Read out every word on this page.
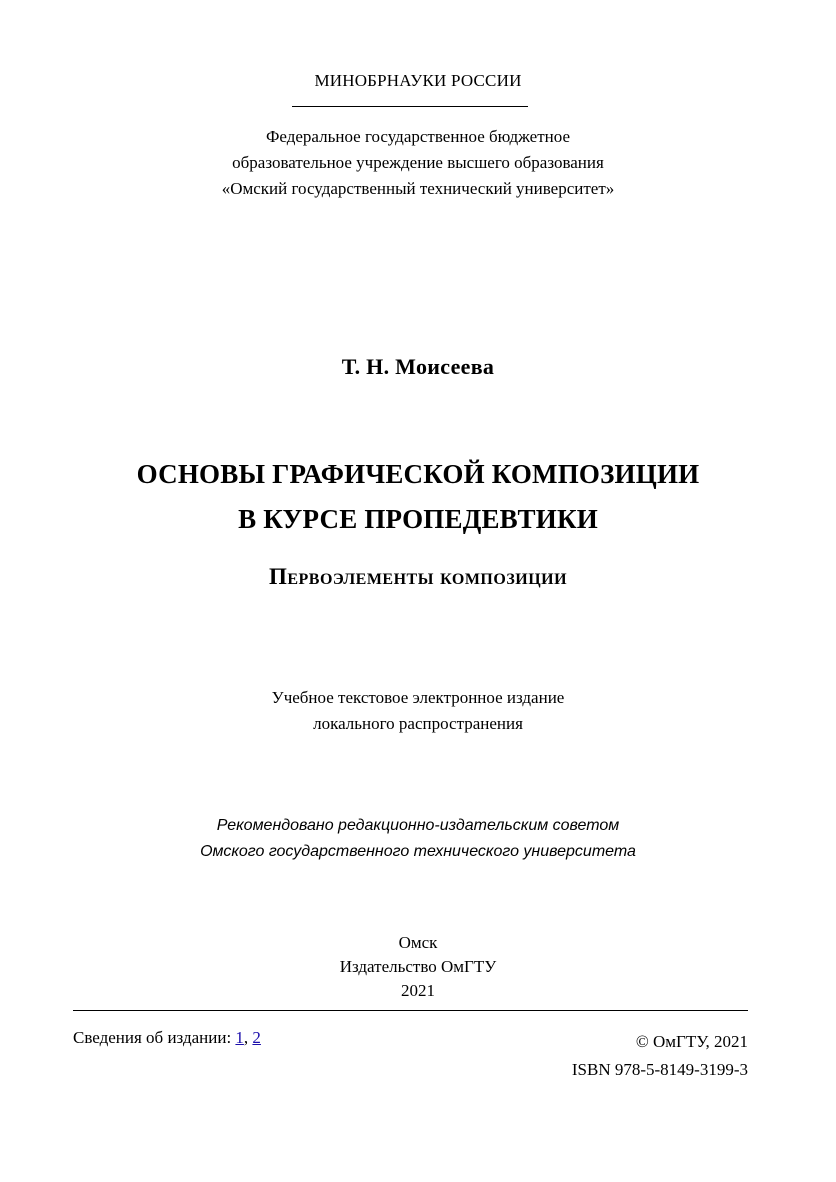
МИНОБРНАУКИ РОССИИ
Федеральное государственное бюджетное
образовательное учреждение высшего образования
«Омский государственный технический университет»
Т. Н. Моисеева
ОСНОВЫ ГРАФИЧЕСКОЙ КОМПОЗИЦИИ
В КУРСЕ ПРОПЕДЕВТИКИ
Первоэлементы композиции
Учебное текстовое электронное издание
локального распространения
Рекомендовано редакционно-издательским советом
Омского государственного технического университета
Омск
Издательство ОмГТУ
2021
Сведения об издании: 1, 2	© ОмГТУ, 2021
ISBN 978-5-8149-3199-3
